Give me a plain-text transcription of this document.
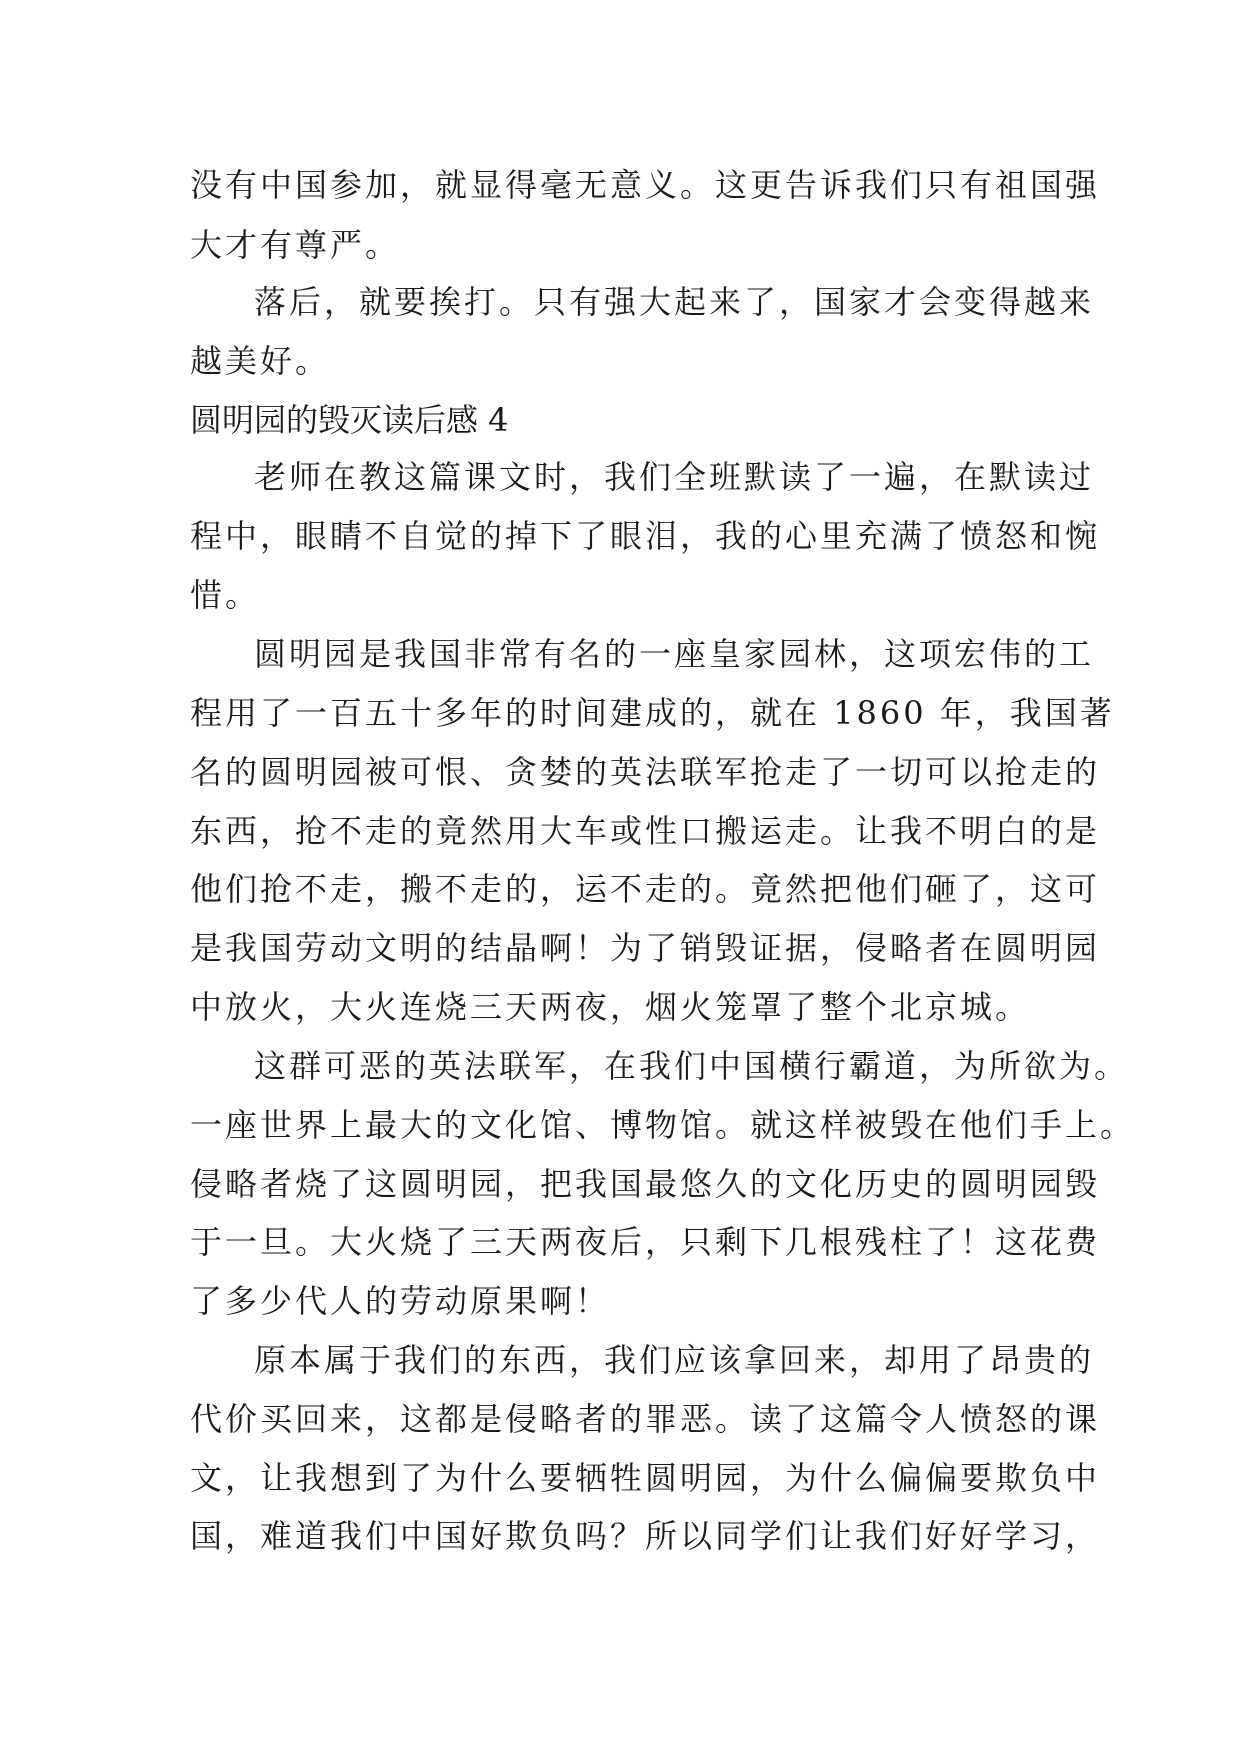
没有中国参加，就显得毫无意义。这更告诉我们只有祖国强
大才有尊严。
落后，就要挨打。只有强大起来了，国家才会变得越来
越美好。
圆明园的毁灭读后感 4
老师在教这篇课文时，我们全班默读了一遍，在默读过
程中，眼睛不自觉的掉下了眼泪，我的心里充满了愤怒和惋
惜。
圆明园是我国非常有名的一座皇家园林，这项宏伟的工
程用了一百五十多年的时间建成的，就在 1860 年，我国著
名的圆明园被可恨、贪婪的英法联军抢走了一切可以抢走的
东西，抢不走的竟然用大车或性口搬运走。让我不明白的是
他们抢不走，搬不走的，运不走的。竟然把他们砸了，这可
是我国劳动文明的结晶啊！为了销毁证据，侵略者在圆明园
中放火，大火连烧三天两夜，烟火笼罩了整个北京城。
这群可恶的英法联军，在我们中国横行霸道，为所欲为。
一座世界上最大的文化馆、博物馆。就这样被毁在他们手上。
侵略者烧了这圆明园，把我国最悠久的文化历史的圆明园毁
于一旦。大火烧了三天两夜后，只剩下几根残柱了！这花费
了多少代人的劳动原果啊！
原本属于我们的东西，我们应该拿回来，却用了昂贵的
代价买回来，这都是侵略者的罪恶。读了这篇令人愤怒的课
文，让我想到了为什么要牺牲圆明园，为什么偏偏要欺负中
国，难道我们中国好欺负吗？所以同学们让我们好好学习，
